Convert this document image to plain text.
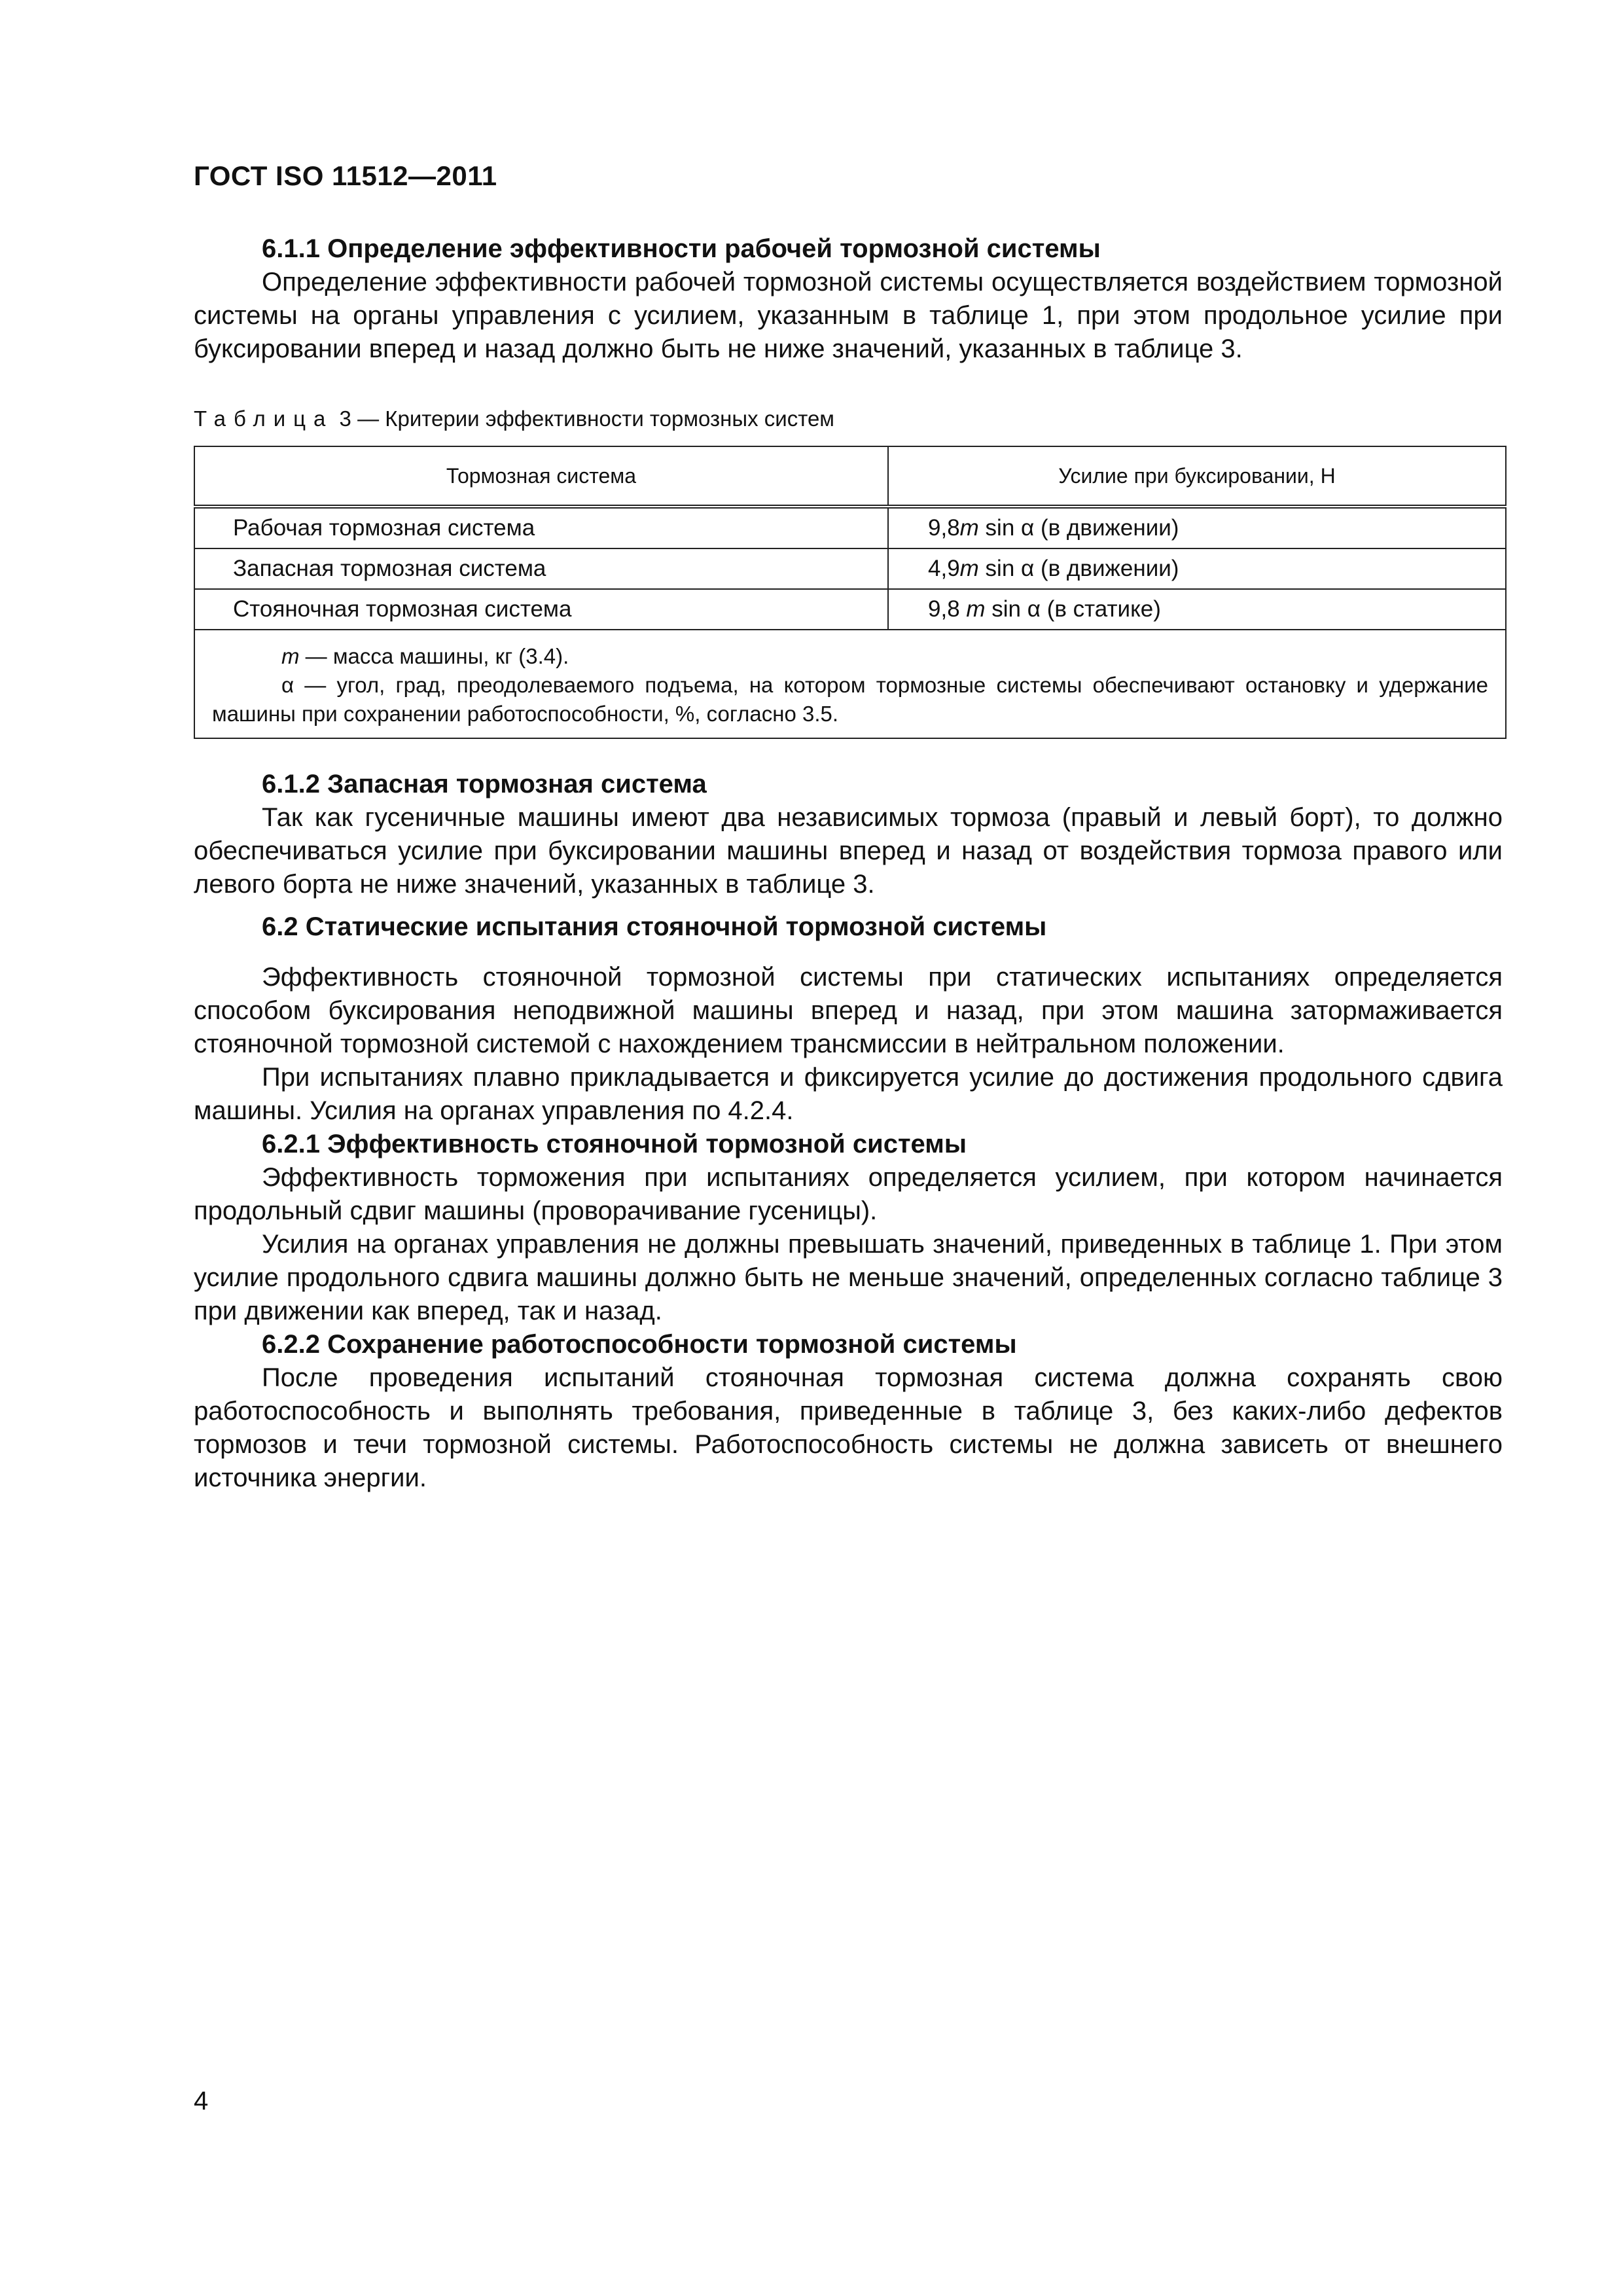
ГОСТ ISO 11512—2011

6.1.1 Определение эффективности рабочей тормозной системы

Определение эффективности рабочей тормозной системы осуществляется воздействием тормозной системы на органы управления с усилием, указанным в таблице 1, при этом продольное усилие при буксировании вперед и назад должно быть не ниже значений, указанных в таблице 3.

Таблица 3 — Критерии эффективности тормозных систем
Тормозная система	Усилие при буксировании, Н
Рабочая тормозная система	9,8m sin α (в движении)
Запасная тормозная система	4,9m sin α (в движении)
Стояночная тормозная система	9,8 m sin α (в статике)

m — масса машины, кг (3.4).

α — угол, град, преодолеваемого подъема, на котором тормозные системы обеспечивают остановку и удержание машины при сохранении работоспособности, %, согласно 3.5.	

6.1.2 Запасная тормозная система

Так как гусеничные машины имеют два независимых тормоза (правый и левый борт), то должно обеспечиваться усилие при буксировании машины вперед и назад от воздействия тормоза правого или левого борта не ниже значений, указанных в таблице 3.

6.2 Статические испытания стояночной тормозной системы

Эффективность стояночной тормозной системы при статических испытаниях определяется способом буксирования неподвижной машины вперед и назад, при этом машина затормаживается стояночной тормозной системой с нахождением трансмиссии в нейтральном положении.

При испытаниях плавно прикладывается и фиксируется усилие до достижения продольного сдвига машины. Усилия на органах управления по 4.2.4.

6.2.1 Эффективность стояночной тормозной системы

Эффективность торможения при испытаниях определяется усилием, при котором начинается продольный сдвиг машины (проворачивание гусеницы).

Усилия на органах управления не должны превышать значений, приведенных в таблице 1. При этом усилие продольного сдвига машины должно быть не меньше значений, определенных согласно таблице 3 при движении как вперед, так и назад.

6.2.2 Сохранение работоспособности тормозной системы

После проведения испытаний стояночная тормозная система должна сохранять свою работоспособность и выполнять требования, приведенные в таблице 3, без каких-либо дефектов тормозов и течи тормозной системы. Работоспособность системы не должна зависеть от внешнего источника энергии.

4
